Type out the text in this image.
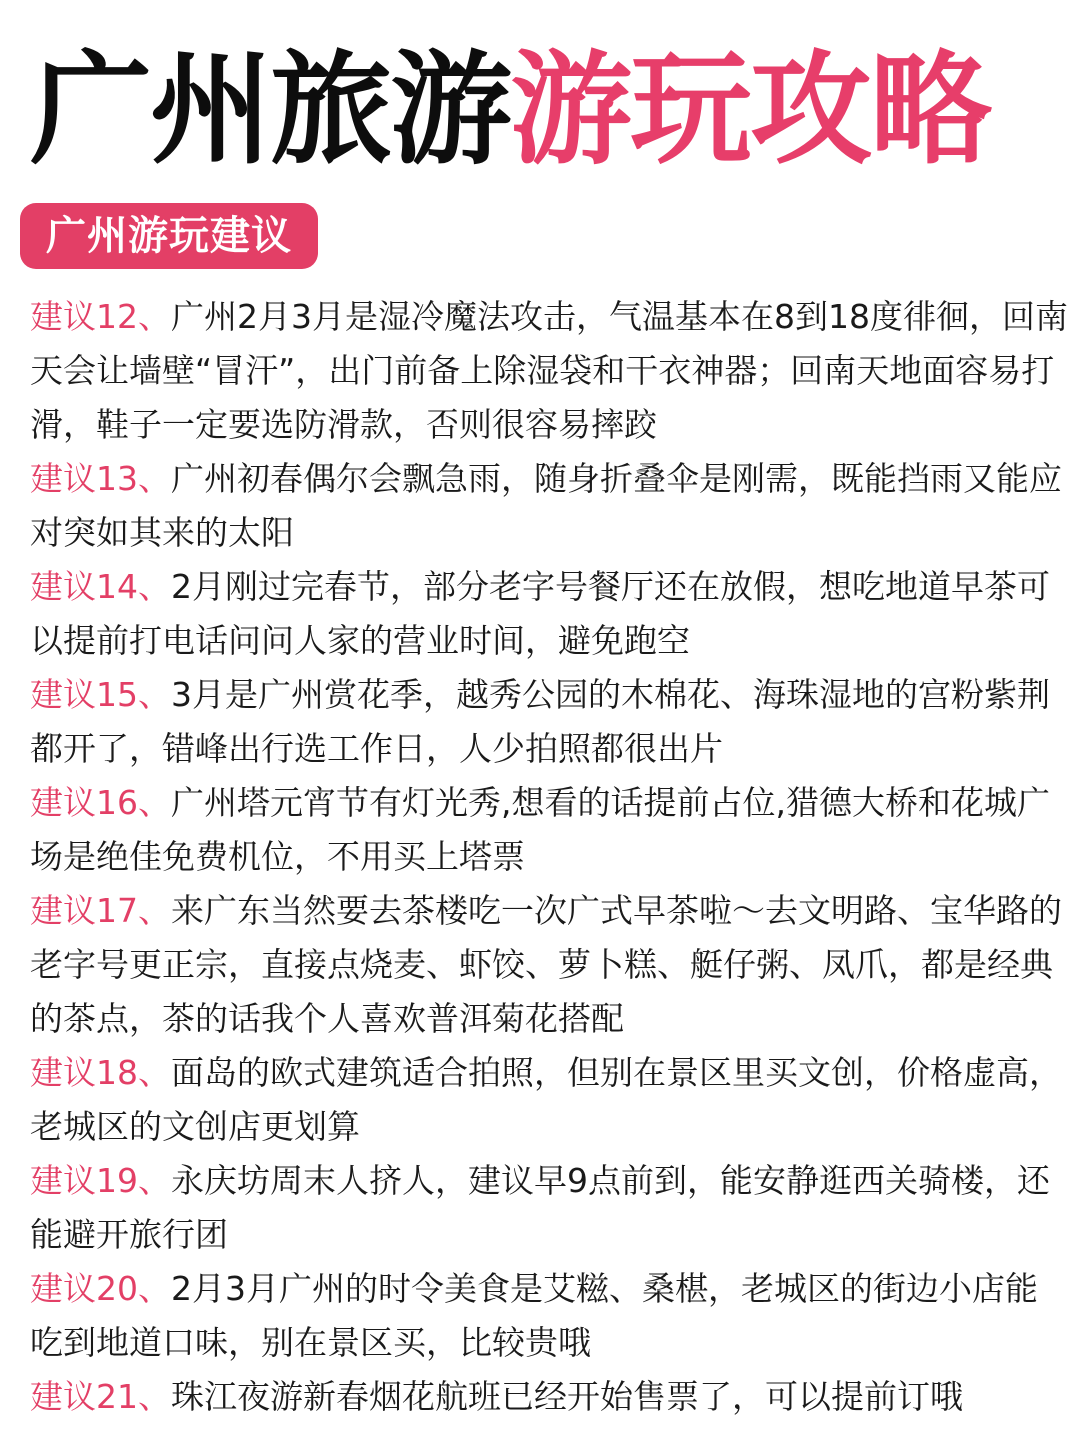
广州旅游 游玩攻略
广州游玩建议
建议12、广州2月3月是湿冷魔法攻击，气温基本在8到18度徘徊，回南天会让墙壁“冒汗”，出门前备上除湿袋和干衣神器；回南天地面容易打滑，鞋子一定要选防滑款，否则很容易摔跤
建议13、广州初春偶尔会飘急雨，随身折叠伞是刚需，既能挡雨又能应对突如其来的太阳
建议14、2月刚过完春节，部分老字号餐厅还在放假，想吃地道早茶可以提前打电话问问人家的营业时间，避免跑空
建议15、3月是广州赏花季，越秀公园的木棉花、海珠湿地的宫粉紫荆都开了，错峰出行选工作日，人少拍照都很出片
建议16、广州塔元宵节有灯光秀,想看的话提前占位,猎德大桥和花城广场是绝佳免费机位，不用买上塔票
建议17、来广东当然要去茶楼吃一次广式早茶啦～去文明路、宝华路的老字号更正宗，直接点烧麦、虾饺、萝卜糕、艇仔粥、凤爪，都是经典的茶点，茶的话我个人喜欢普洱菊花搭配
建议18、面岛的欧式建筑适合拍照，但别在景区里买文创，价格虚高，老城区的文创店更划算
建议19、永庆坊周末人挤人，建议早9点前到，能安静逛西关骑楼，还能避开旅行团
建议20、2月3月广州的时令美食是艾糍、桑椹，老城区的街边小店能吃到地道口味，别在景区买，比较贵哦
建议21、珠江夜游新春烟花航班已经开始售票了，可以提前订哦
